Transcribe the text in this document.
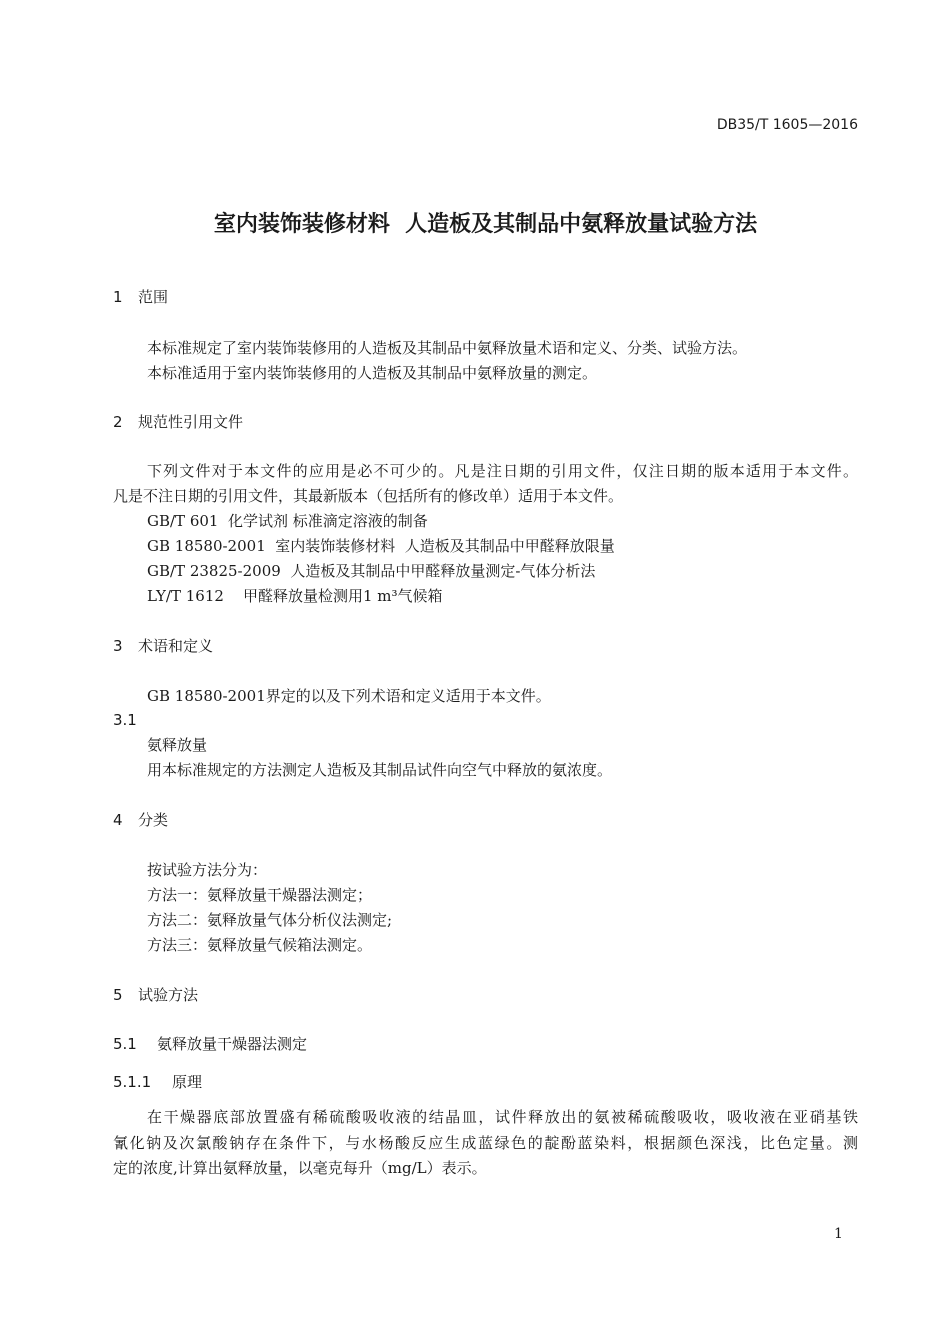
DB35/T 1605—2016
室内装饰装修材料  人造板及其制品中氨释放量试验方法

1

范围

本标准规定了室内装饰装修用的人造板及其制品中氨释放量术语和定义、分类、试验方法。
本标准适用于室内装饰装修用的人造板及其制品中氨释放量的测定。

2

规范性引用文件

下列文件对于本文件的应用是必不可少的。凡是注日期的引用文件，仅注日期的版本适用于本文件。
凡是不注日期的引用文件，其最新版本（包括所有的修改单）适用于本文件。
GB/T 601  化学试剂 标准滴定溶液的制备
GB 18580-2001  室内装饰装修材料  人造板及其制品中甲醛释放限量
GB/T 23825-2009  人造板及其制品中甲醛释放量测定-气体分析法
LY/T 1612    甲醛释放量检测用1 m³气候箱

3

术语和定义

GB 18580-2001界定的以及下列术语和定义适用于本文件。
3.1
氨释放量
用本标准规定的方法测定人造板及其制品试件向空气中释放的氨浓度。

4

分类

按试验方法分为：
方法一：氨释放量干燥器法测定；
方法二：氨释放量气体分析仪法测定;
方法三：氨释放量气候箱法测定。

5

试验方法

5.1

氨释放量干燥器法测定

5.1.1

原理

在干燥器底部放置盛有稀硫酸吸收液的结晶皿，试件释放出的氨被稀硫酸吸收，吸收液在亚硝基铁
氰化钠及次氯酸钠存在条件下，与水杨酸反应生成蓝绿色的靛酚蓝染料，根据颜色深浅，比色定量。测
定的浓度,计算出氨释放量，以毫克每升（mg/L）表示。
1
